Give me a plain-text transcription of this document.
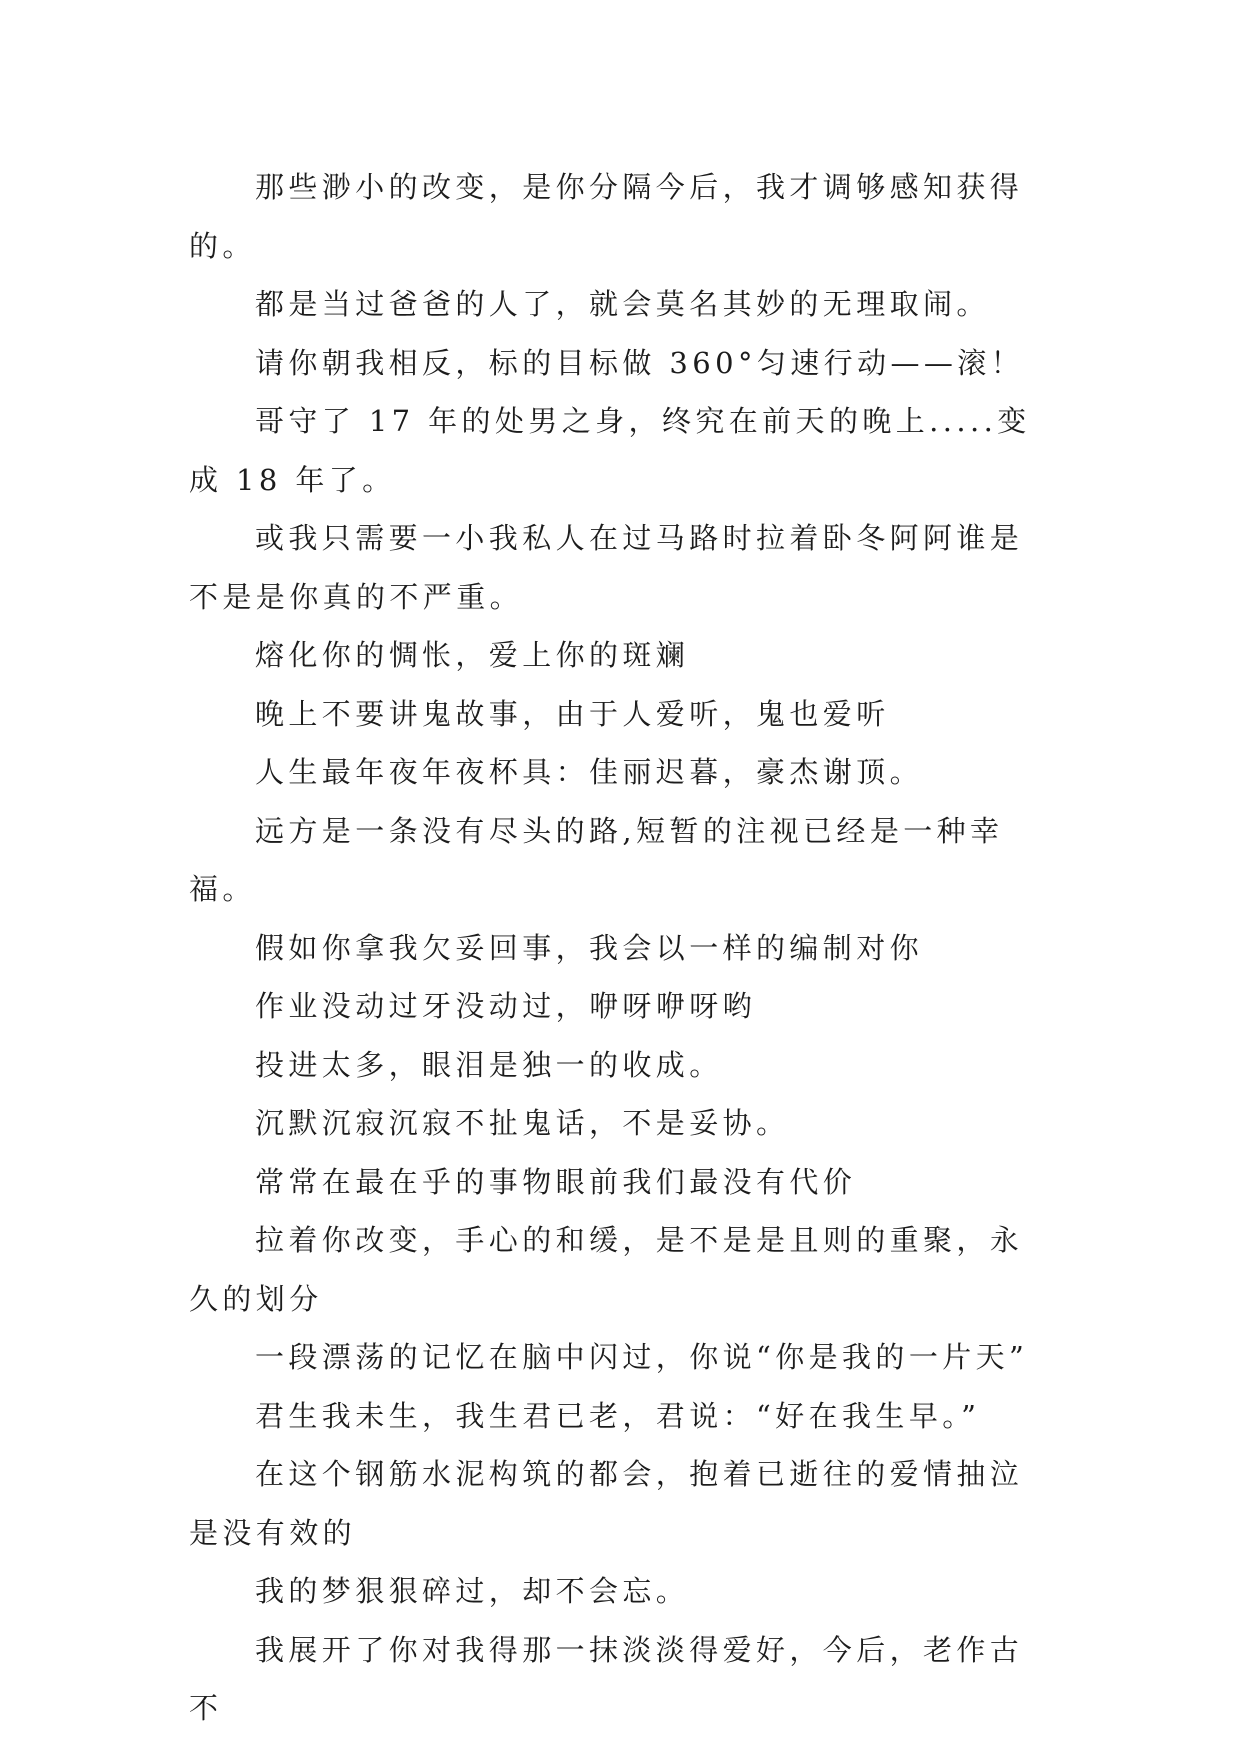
那些渺小的改变，是你分隔今后，我才调够感知获得的。

都是当过爸爸的人了，就会莫名其妙的无理取闹。

请你朝我相反，标的目标做 360°匀速行动——滚！

哥守了 17 年的处男之身，终究在前天的晚上.....变成 18 年了。

或我只需要一小我私人在过马路时拉着卧冬阿阿谁是不是是你真的不严重。

熔化你的惆怅，爱上你的斑斓

晚上不要讲鬼故事，由于人爱听，鬼也爱听

人生最年夜年夜杯具：佳丽迟暮，豪杰谢顶。

远方是一条没有尽头的路,短暂的注视已经是一种幸福。

假如你拿我欠妥回事，我会以一样的编制对你

作业没动过牙没动过，咿呀咿呀哟

投进太多，眼泪是独一的收成。

沉默沉寂沉寂不扯鬼话，不是妥协。

常常在最在乎的事物眼前我们最没有代价

拉着你改变，手心的和缓，是不是是且则的重聚，永久的划分

一段漂荡的记忆在脑中闪过，你说“你是我的一片天”

君生我未生，我生君已老，君说：“好在我生早。”

在这个钢筋水泥构筑的都会，抱着已逝往的爱情抽泣是没有效的

我的梦狠狠碎过，却不会忘。

我展开了你对我得那一抹淡淡得爱好，今后，老作古不
